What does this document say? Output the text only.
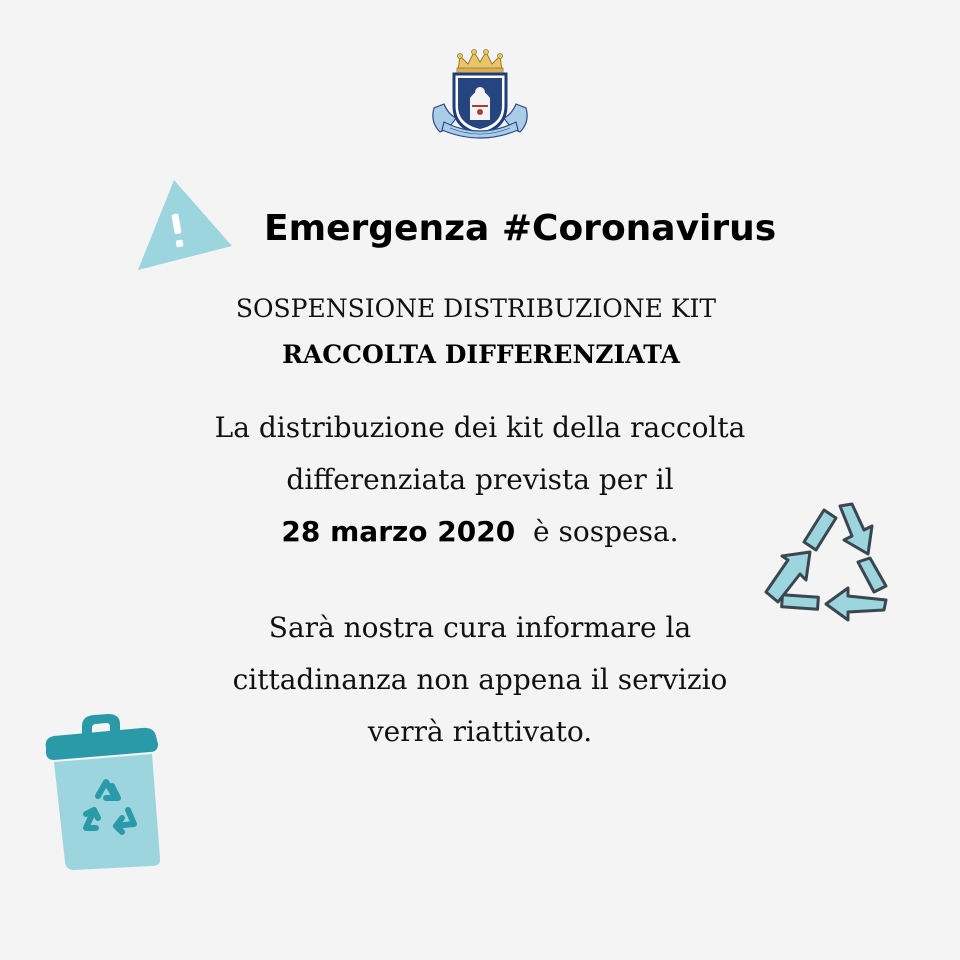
Emergenza #Coronavirus
SOSPENSIONE DISTRIBUZIONE KIT
RACCOLTA DIFFERENZIATA
La distribuzione dei kit della raccolta
differenziata prevista per il
28 marzo 2020 è sospesa.
Sarà nostra cura informare la
cittadinanza non appena il servizio
verrà riattivato.
